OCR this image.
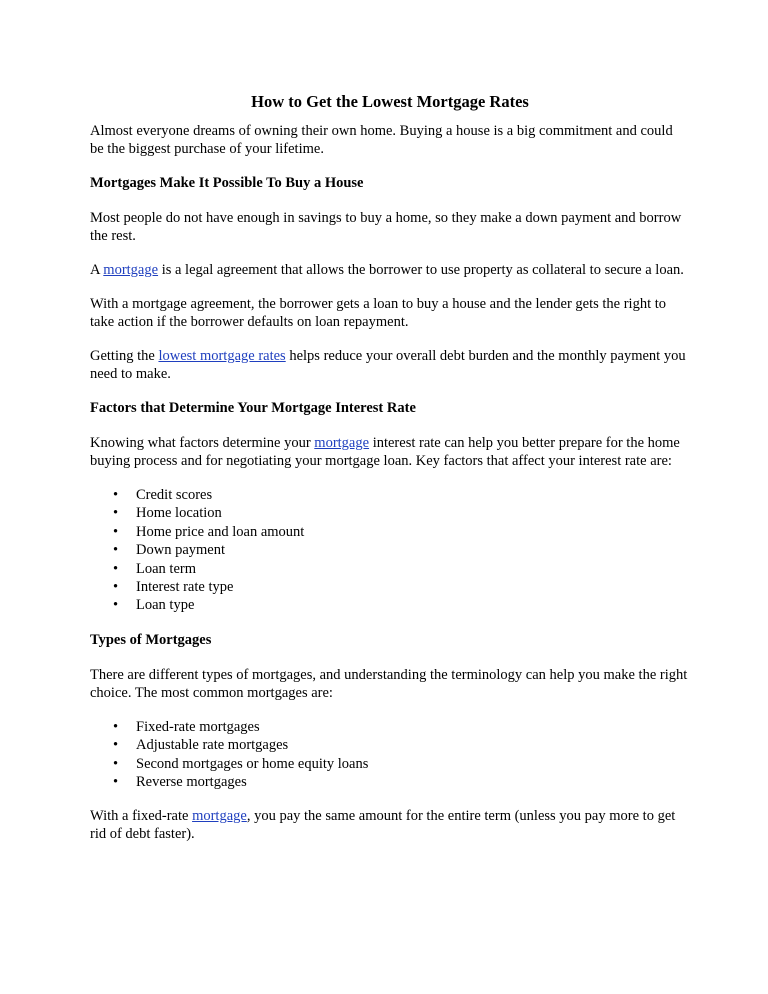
How to Get the Lowest Mortgage Rates

Almost everyone dreams of owning their own home. Buying a house is a big commitment and could be the biggest purchase of your lifetime.

Mortgages Make It Possible To Buy a House

Most people do not have enough in savings to buy a home, so they make a down payment and borrow the rest.

A mortgage is a legal agreement that allows the borrower to use property as collateral to secure a loan.

With a mortgage agreement, the borrower gets a loan to buy a house and the lender gets the right to take action if the borrower defaults on loan repayment.

Getting the lowest mortgage rates helps reduce your overall debt burden and the monthly payment you need to make.

Factors that Determine Your Mortgage Interest Rate

Knowing what factors determine your mortgage interest rate can help you better prepare for the home buying process and for negotiating your mortgage loan. Key factors that affect your interest rate are:

• Credit scores
• Home location
• Home price and loan amount
• Down payment
• Loan term
• Interest rate type
• Loan type

Types of Mortgages

There are different types of mortgages, and understanding the terminology can help you make the right choice. The most common mortgages are:

• Fixed-rate mortgages
• Adjustable rate mortgages
• Second mortgages or home equity loans
• Reverse mortgages

With a fixed-rate mortgage, you pay the same amount for the entire term (unless you pay more to get rid of debt faster).
